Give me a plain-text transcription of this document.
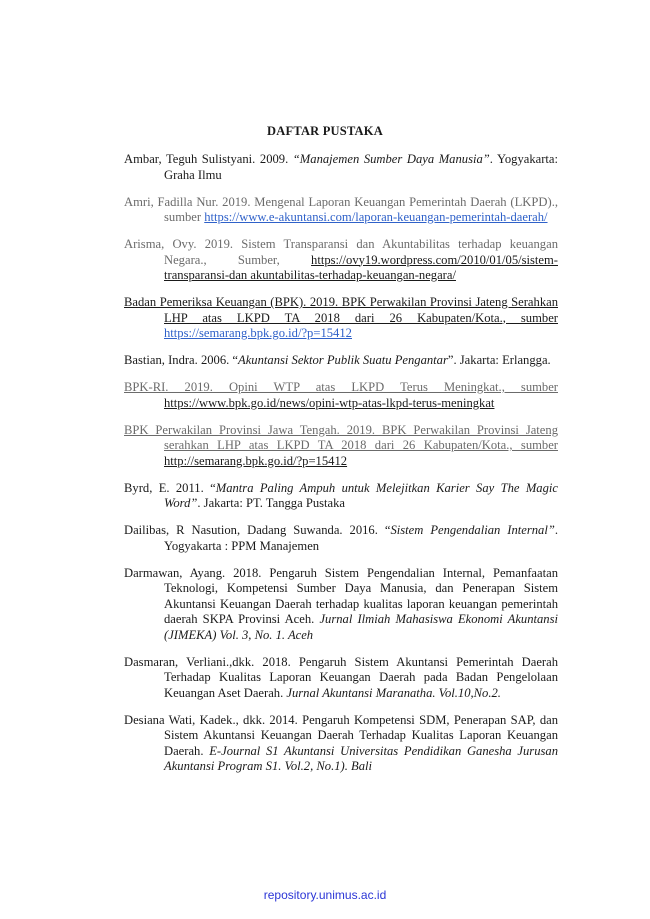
DAFTAR PUSTAKA

Ambar, Teguh Sulistyani. 2009. “Manajemen Sumber Daya Manusia”. Yogyakarta: Graha Ilmu

Amri, Fadilla Nur. 2019. Mengenal Laporan Keuangan Pemerintah Daerah (LKPD)., sumber https://www.e-akuntansi.com/laporan-keuangan-pemerintah-daerah/

Arisma, Ovy. 2019. Sistem Transparansi dan Akuntabilitas terhadap keuangan Negara., Sumber, https://ovy19.wordpress.com/2010/01/05/sistem-transparansi-dan akuntabilitas-terhadap-keuangan-negara/

Badan Pemeriksa Keuangan (BPK). 2019. BPK Perwakilan Provinsi Jateng Serahkan LHP atas LKPD TA 2018 dari 26 Kabupaten/Kota., sumber https://semarang.bpk.go.id/?p=15412

Bastian, Indra. 2006. “Akuntansi Sektor Publik Suatu Pengantar”. Jakarta: Erlangga.

BPK-RI. 2019. Opini WTP atas LKPD Terus Meningkat., sumber https://www.bpk.go.id/news/opini-wtp-atas-lkpd-terus-meningkat

BPK Perwakilan Provinsi Jawa Tengah. 2019. BPK Perwakilan Provinsi Jateng serahkan LHP atas LKPD TA 2018 dari 26 Kabupaten/Kota., sumber http://semarang.bpk.go.id/?p=15412

Byrd, E. 2011. “Mantra Paling Ampuh untuk Melejitkan Karier Say The Magic Word”. Jakarta: PT. Tangga Pustaka

Dailibas, R Nasution, Dadang Suwanda. 2016. “Sistem Pengendalian Internal”. Yogyakarta : PPM Manajemen

Darmawan, Ayang. 2018. Pengaruh Sistem Pengendalian Internal, Pemanfaatan Teknologi, Kompetensi Sumber Daya Manusia, dan Penerapan Sistem Akuntansi Keuangan Daerah terhadap kualitas laporan keuangan pemerintah daerah SKPA Provinsi Aceh. Jurnal Ilmiah Mahasiswa Ekonomi Akuntansi (JIMEKA) Vol. 3, No. 1. Aceh

Dasmaran, Verliani.,dkk. 2018. Pengaruh Sistem Akuntansi Pemerintah Daerah Terhadap Kualitas Laporan Keuangan Daerah pada Badan Pengelolaan Keuangan Aset Daerah. Jurnal Akuntansi Maranatha. Vol.10,No.2.

Desiana Wati, Kadek., dkk. 2014. Pengaruh Kompetensi SDM, Penerapan SAP, dan Sistem Akuntansi Keuangan Daerah Terhadap Kualitas Laporan Keuangan Daerah. E-Journal S1 Akuntansi Universitas Pendidikan Ganesha Jurusan Akuntansi Program S1. Vol.2, No.1). Bali

repository.unimus.ac.id
